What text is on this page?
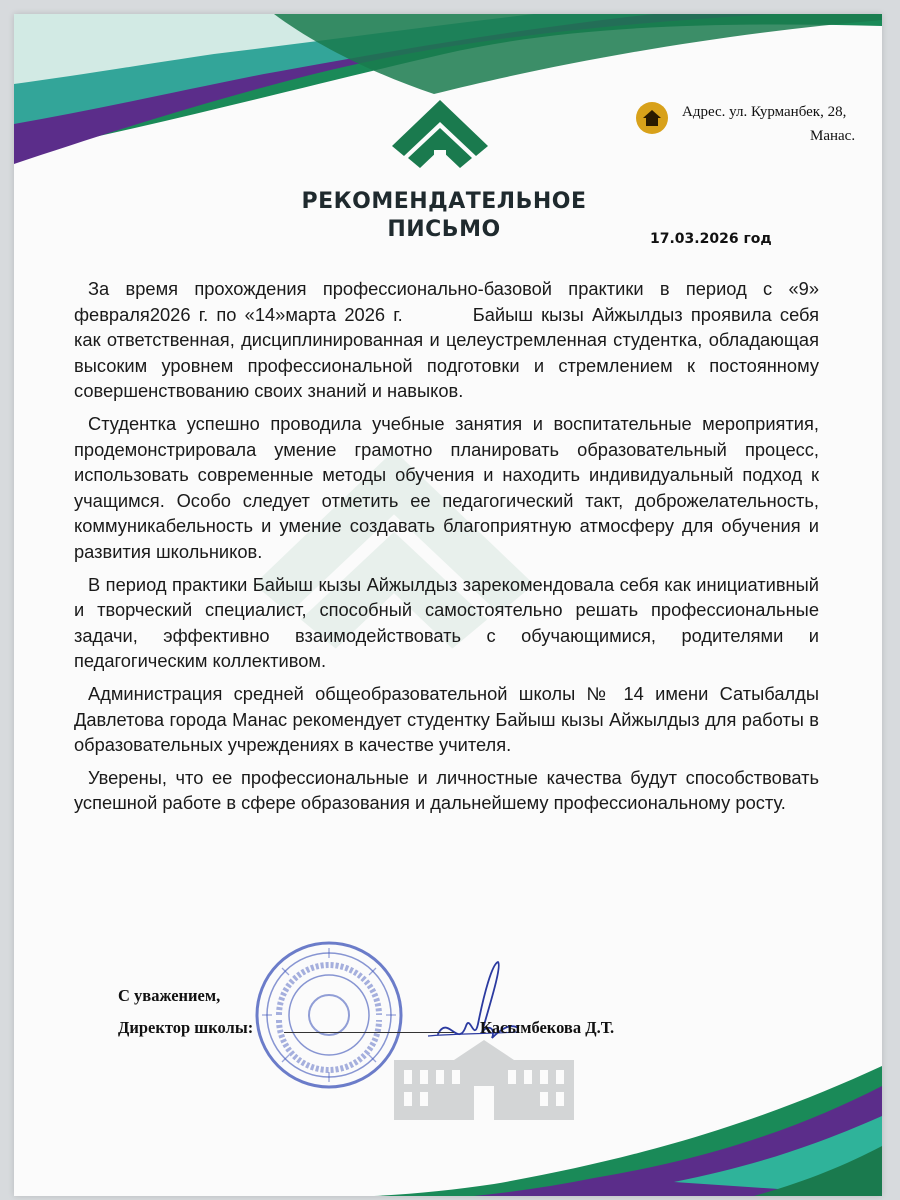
РЕКОМЕНДАТЕЛЬНОЕ
ПИСЬМО	17.03.2026 год
Адрес. ул. Курманбек, 28,
Манас.

За время прохождения профессионально-базовой практики в период с «9» февраля2026 г. по «14»марта 2026 г.	Байыш кызы Айжылдыз проявила себя как ответственная, дисциплинированная и целеустремленная студентка, обладающая высоким уровнем профессиональной подготовки и стремлением к постоянному совершенствованию своих знаний и навыков.

Студентка успешно проводила учебные занятия и воспитательные мероприятия, продемонстрировала умение грамотно планировать образовательный процесс, использовать современные методы обучения и находить индивидуальный подход к учащимся. Особо следует отметить ее педагогический такт, доброжелательность, коммуникабельность и умение создавать благоприятную атмосферу для обучения и развития школьников.

В период практики Байыш кызы Айжылдыз зарекомендовала себя как инициативный и творческий специалист, способный самостоятельно решать профессиональные задачи, эффективно взаимодействовать с обучающимися, родителями и педагогическим коллективом.

Администрация средней общеобразовательной школы № 14 имени Сатыбалды Давлетова города Манас рекомендует студентку Байыш кызы Айжылдыз для работы в образовательных учреждениях в качестве учителя.

Уверены, что ее профессиональные и личностные качества будут способствовать успешной работе в сфере образования и дальнейшему профессиональному росту.

С уважением,
Директор школы:	Касымбекова Д.Т.
